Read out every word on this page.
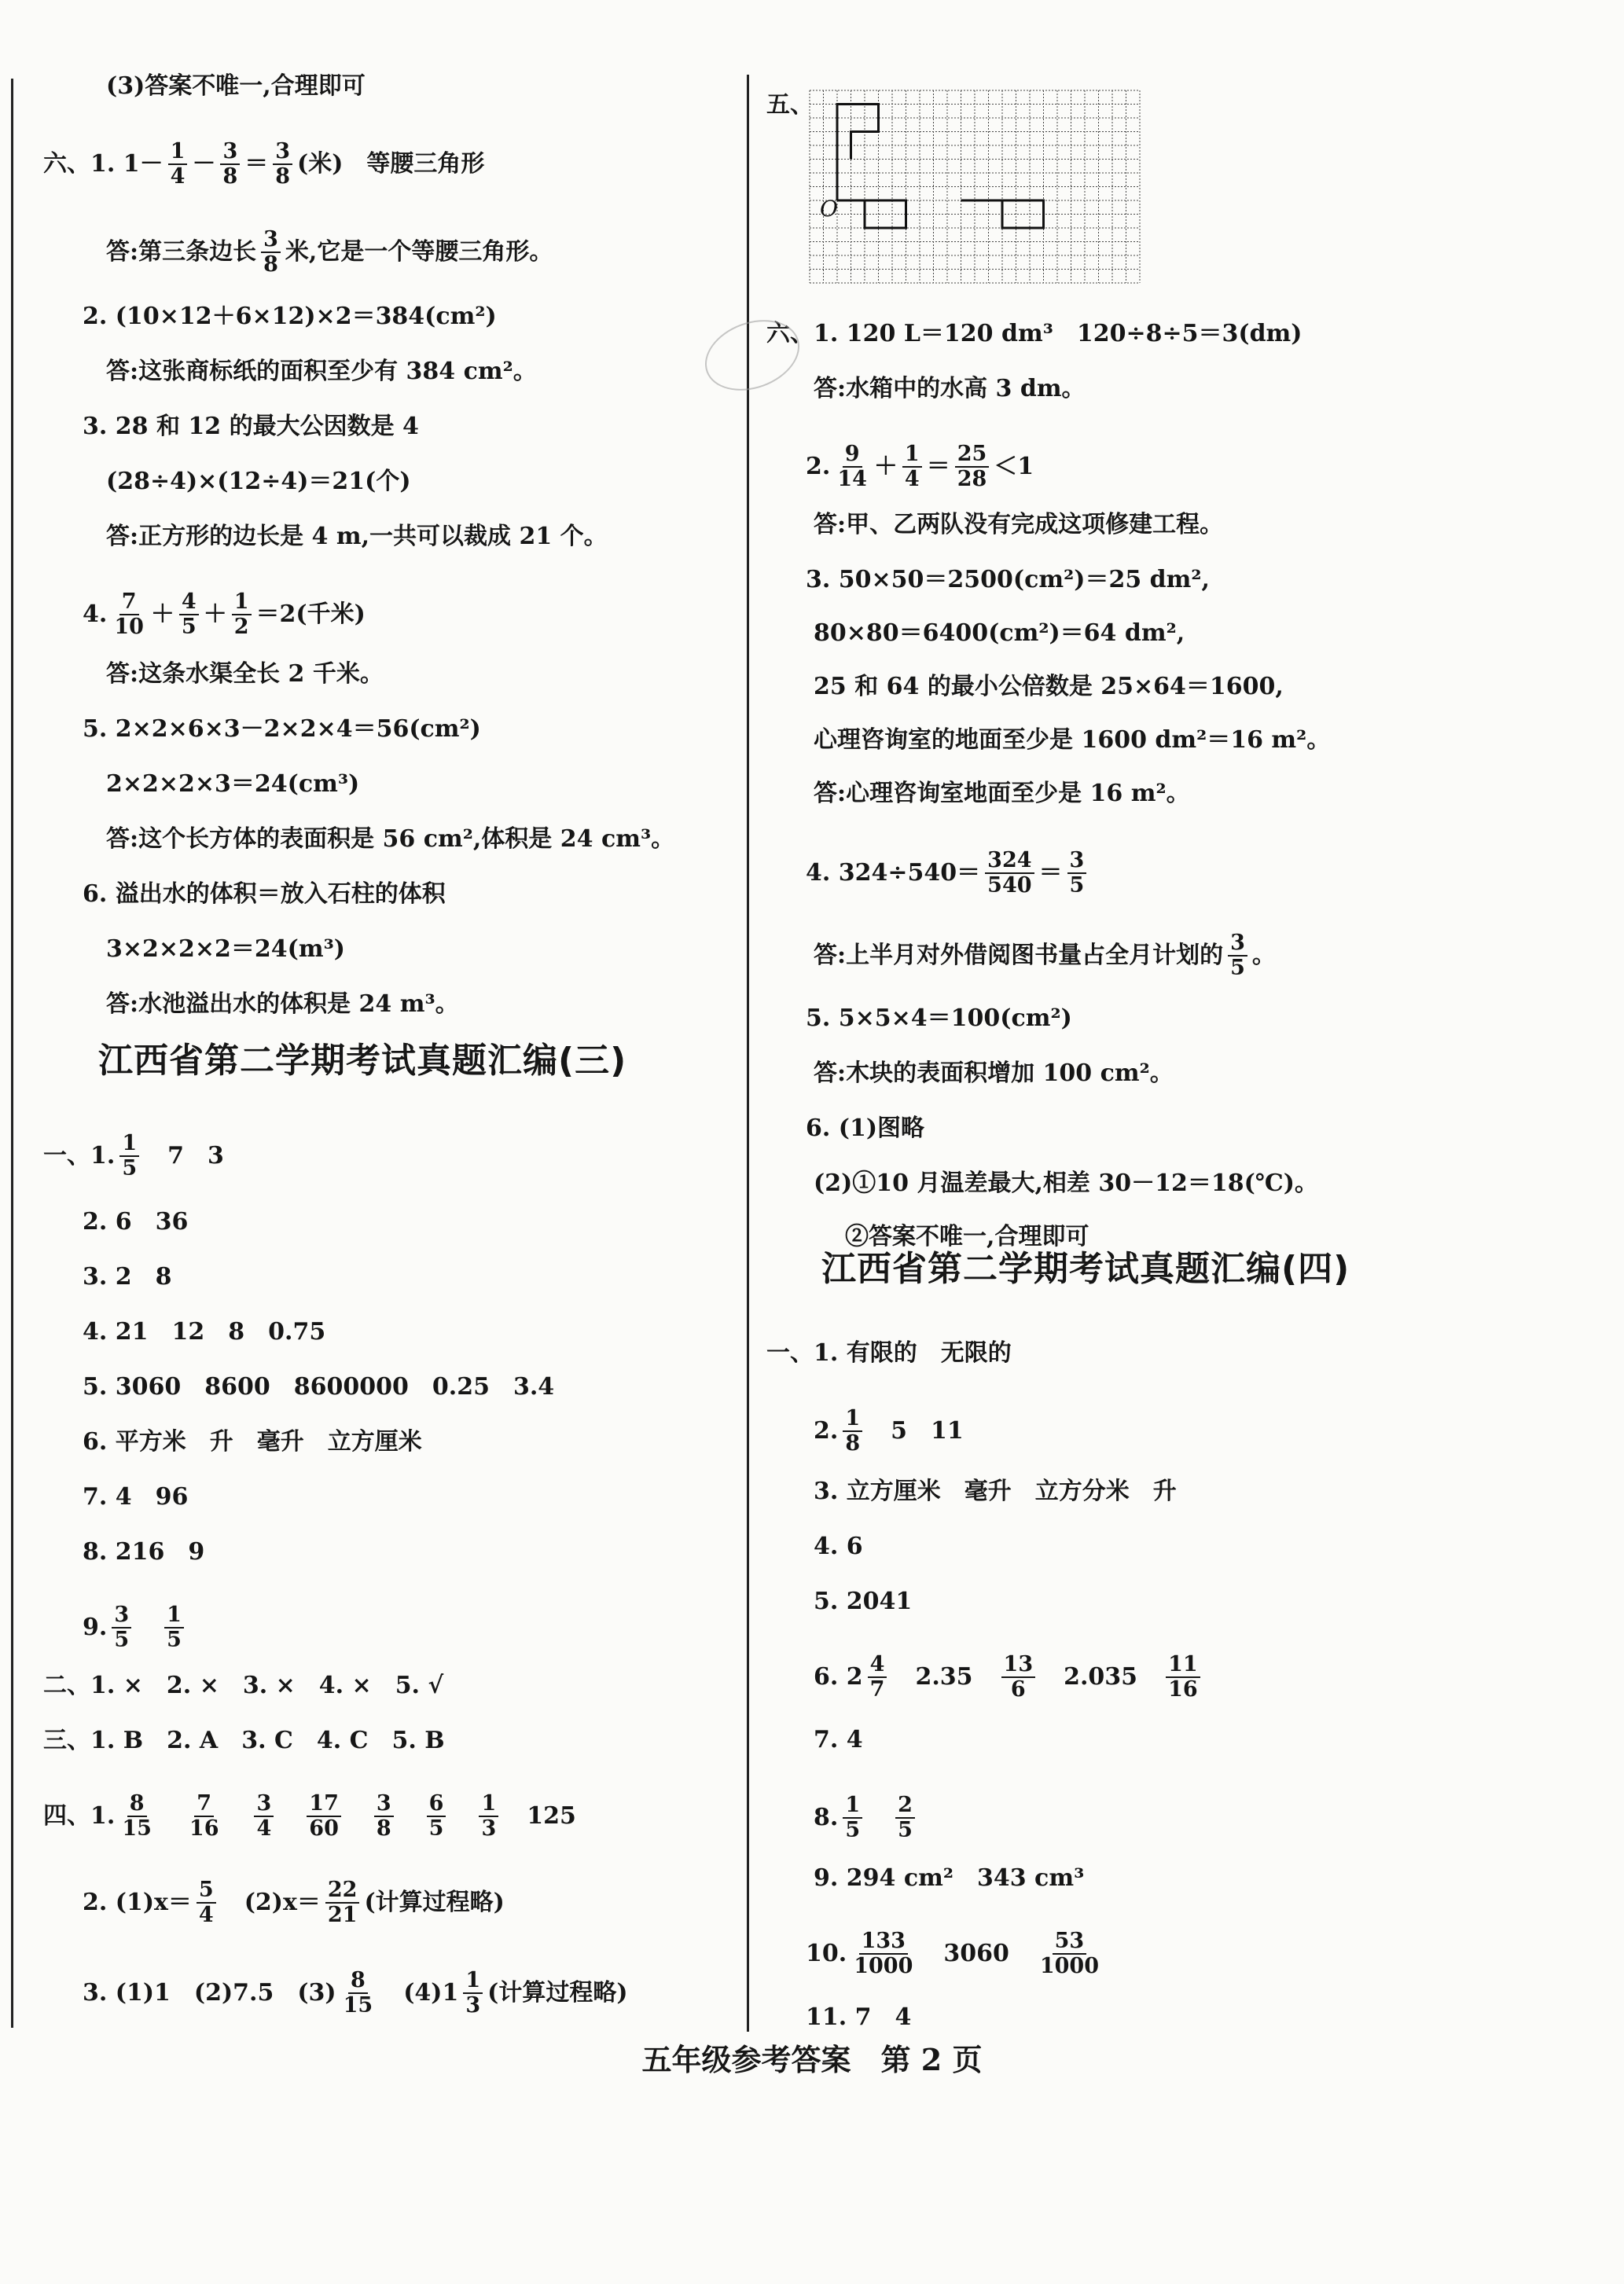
(3)答案不唯一,合理即可
六、 1. $1- \frac{1}{4} - \frac{3}{8} = \frac{3}{8}$ (米)　等腰三角形
答:第三条边长 $\frac{3}{8}$ 米,它是一个等腰三角形。
2. (10×12＋6×12)×2＝384(cm²)
答:这张商标纸的面积至少有 384 cm²。
3. 28 和 12 的最大公因数是 4
(28÷4)×(12÷4)＝21(个)
答:正方形的边长是 4 m,一共可以裁成 21 个。
4. $\frac{7}{10} + \frac{4}{5} + \frac{1}{2} =2$(千米)
答:这条水渠全长 2 千米。
5. 2×2×6×3－2×2×4＝56(cm²)
2×2×2×3＝24(cm³)
答:这个长方体的表面积是 56 cm²,体积是 24 cm³。
6. 溢出水的体积＝放入石柱的体积
3×2×2×2＝24(m³)
答:水池溢出水的体积是 24 m³。
一、 1. $\frac{1}{5}$ 　7　3
2. 6　36
3. 2　8
4. 21　12　8　0.75
5. 3060　8600　8600000　0.25　3.4
6. 平方米　升　毫升　立方厘米
7. 4　96
8. 216　9
9. $\frac{3}{5}$
　 $\frac{1}{5}$
二、 1. ×　 2. ×　 3. ×　 4. ×　 5. √
三、 1. B　 2. A　 3. C　 4. C　 5. B
四、 1. $\frac{8}{15}$
　 $\frac{7}{16}$
　 $\frac{3}{4}$
　 $\frac{17}{60}$
　 $\frac{3}{8}$
　 $\frac{6}{5}$
　 $\frac{1}{3}$ 　125
2. $(1)x= \frac{5}{4}$ 　$(2)x= \frac{22}{21}$ (计算过程略)
3. (1)1　(2)7.5　$(3) \frac{8}{15}$ 　$(4)1 \frac{1}{3}$ (计算过程略)
江西省第二学期考试真题汇编(三)
六、 1. 120 L＝120 dm³　120÷8÷5＝3(dm)
答:水箱中的水高 3 dm。
2. $\frac{9}{14} + \frac{1}{4} = \frac{25}{28} <1$
答:甲、乙两队没有完成这项修建工程。
3. 50×50＝2500(cm²)＝25 dm²,
80×80＝6400(cm²)＝64 dm²,
25 和 64 的最小公倍数是 25×64＝1600,
心理咨询室的地面至少是 1600 dm²＝16 m²。
答:心理咨询室地面至少是 16 m²。
4. $324\div 540= \frac{324}{540} = \frac{3}{5}$
答:上半月对外借阅图书量占全月计划的 $\frac{3}{5}$ 。
5. 5×5×4＝100(cm²)
答:木块的表面积增加 100 cm²。
6. (1)图略
(2)①10 月温差最大,相差 30－12＝18(℃)。
②答案不唯一,合理即可
一、 1. 有限的　无限的
2. $\frac{1}{8}$ 　5　11
3. 立方厘米　毫升　立方分米　升
4. 6
5. 2041
6. $2 \frac{4}{7}$ 　2.35　 $\frac{13}{6}$ 　2.035　 $\frac{11}{16}$
7. 4
8. $\frac{1}{5}$
　 $\frac{2}{5}$
9. 294 cm²　343 cm³
10. $\frac{133}{1000}$ 　3060　 $\frac{53}{1000}$
11. 7　4
江西省第二学期考试真题汇编(四)
五、
O
五年级参考答案　第 2 页
